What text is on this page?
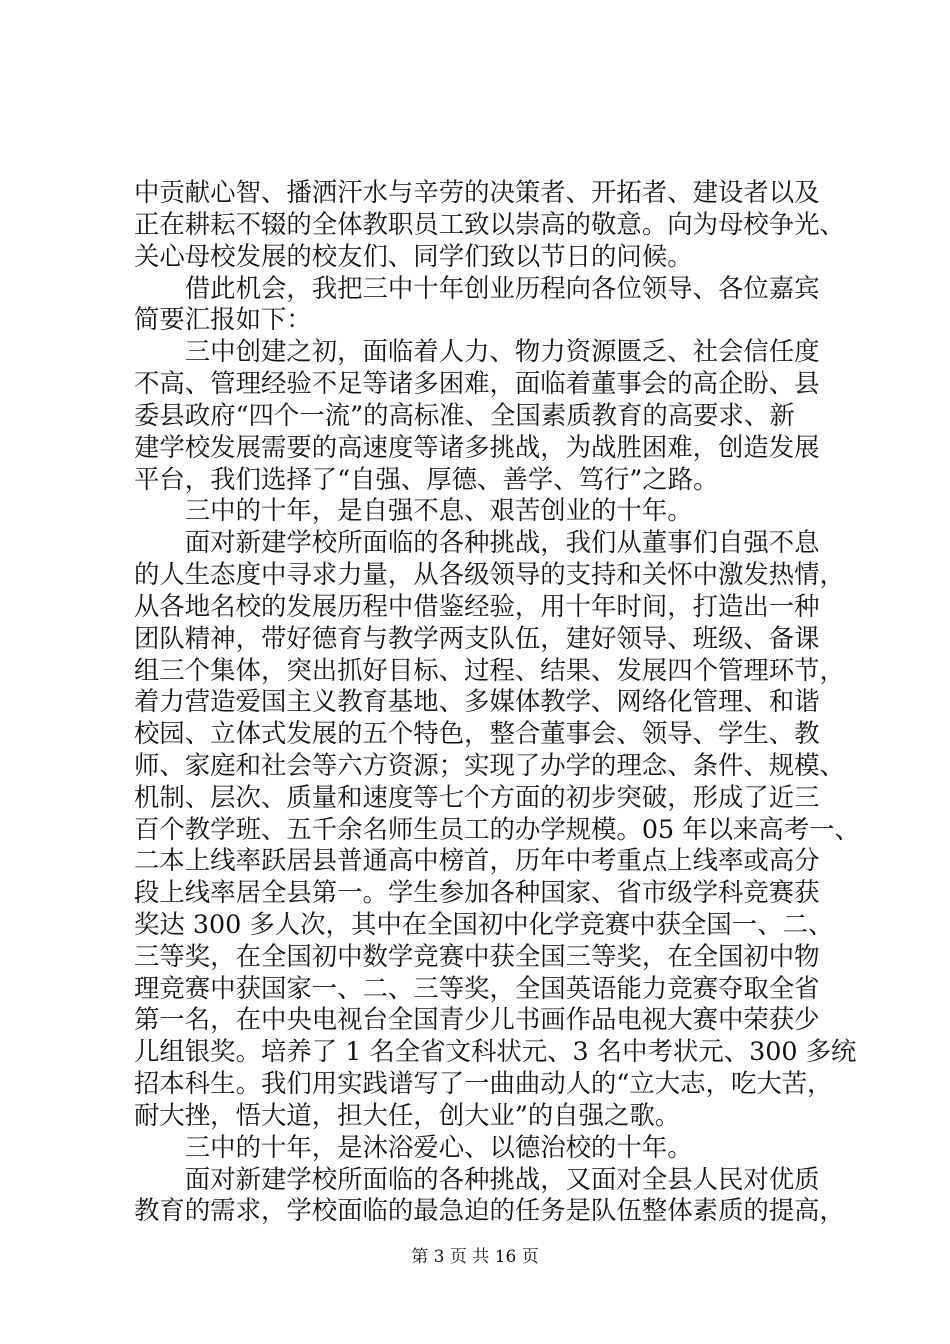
中贡献心智、播洒汗水与辛劳的决策者、开拓者、建设者以及
正在耕耘不辍的全体教职员工致以崇高的敬意。向为母校争光、
关心母校发展的校友们、同学们致以节日的问候。
　　借此机会，我把三中十年创业历程向各位领导、各位嘉宾
简要汇报如下：
　　三中创建之初，面临着人力、物力资源匮乏、社会信任度
不高、管理经验不足等诸多困难，面临着董事会的高企盼、县
委县政府“四个一流”的高标准、全国素质教育的高要求、新
建学校发展需要的高速度等诸多挑战，为战胜困难，创造发展
平台，我们选择了“自强、厚德、善学、笃行”之路。
　　三中的十年，是自强不息、艰苦创业的十年。
　　面对新建学校所面临的各种挑战，我们从董事们自强不息
的人生态度中寻求力量，从各级领导的支持和关怀中激发热情，
从各地名校的发展历程中借鉴经验，用十年时间，打造出一种
团队精神，带好德育与教学两支队伍，建好领导、班级、备课
组三个集体，突出抓好目标、过程、结果、发展四个管理环节，
着力营造爱国主义教育基地、多媒体教学、网络化管理、和谐
校园、立体式发展的五个特色，整合董事会、领导、学生、教
师、家庭和社会等六方资源；实现了办学的理念、条件、规模、
机制、层次、质量和速度等七个方面的初步突破，形成了近三
百个教学班、五千余名师生员工的办学规模。05 年以来高考一、
二本上线率跃居县普通高中榜首，历年中考重点上线率或高分
段上线率居全县第一。学生参加各种国家、省市级学科竞赛获
奖达 300 多人次，其中在全国初中化学竞赛中获全国一、二、
三等奖，在全国初中数学竞赛中获全国三等奖，在全国初中物
理竞赛中获国家一、二、三等奖，全国英语能力竞赛夺取全省
第一名，在中央电视台全国青少儿书画作品电视大赛中荣获少
儿组银奖。培养了 1 名全省文科状元、3 名中考状元、300 多统
招本科生。我们用实践谱写了一曲曲动人的“立大志，吃大苦，
耐大挫，悟大道，担大任，创大业”的自强之歌。
　　三中的十年，是沐浴爱心、以德治校的十年。
　　面对新建学校所面临的各种挑战，又面对全县人民对优质
教育的需求，学校面临的最急迫的任务是队伍整体素质的提高，
第 3 页 共 16 页
